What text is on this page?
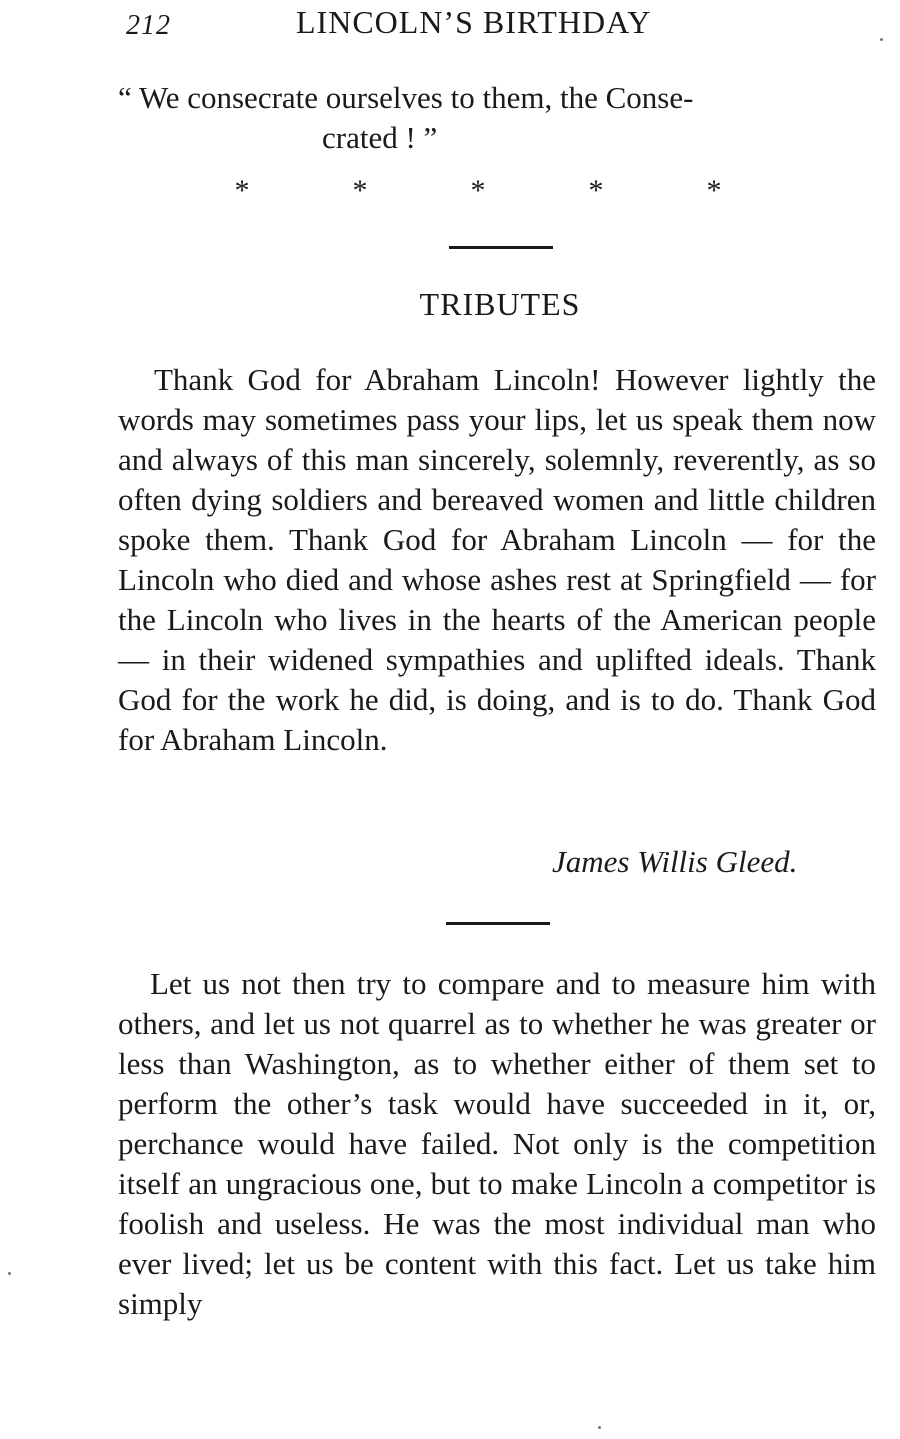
212	LINCOLN’S BIRTHDAY
“ We consecrate ourselves to them, the Conse-
crated ! ”
*	*	*	*	*
TRIBUTES

Thank God for Abraham Lincoln! However lightly the words may sometimes pass your lips, let us speak them now and always of this man sincerely, solemnly, reverently, as so often dying soldiers and bereaved women and little children spoke them. Thank God for Abraham Lincoln — for the Lincoln who died and whose ashes rest at Springfield — for the Lincoln who lives in the hearts of the American people — in their widened sympathies and uplifted ideals. Thank God for the work he did, is doing, and is to do. Thank God for Abraham Lincoln.

James Willis Gleed.

Let us not then try to compare and to measure him with others, and let us not quarrel as to whether he was greater or less than Washington, as to whether either of them set to perform the other’s task would have succeeded in it, or, perchance would have failed. Not only is the competition itself an ungracious one, but to make Lincoln a competitor is foolish and useless. He was the most individual man who ever lived; let us be content with this fact. Let us take him simply
